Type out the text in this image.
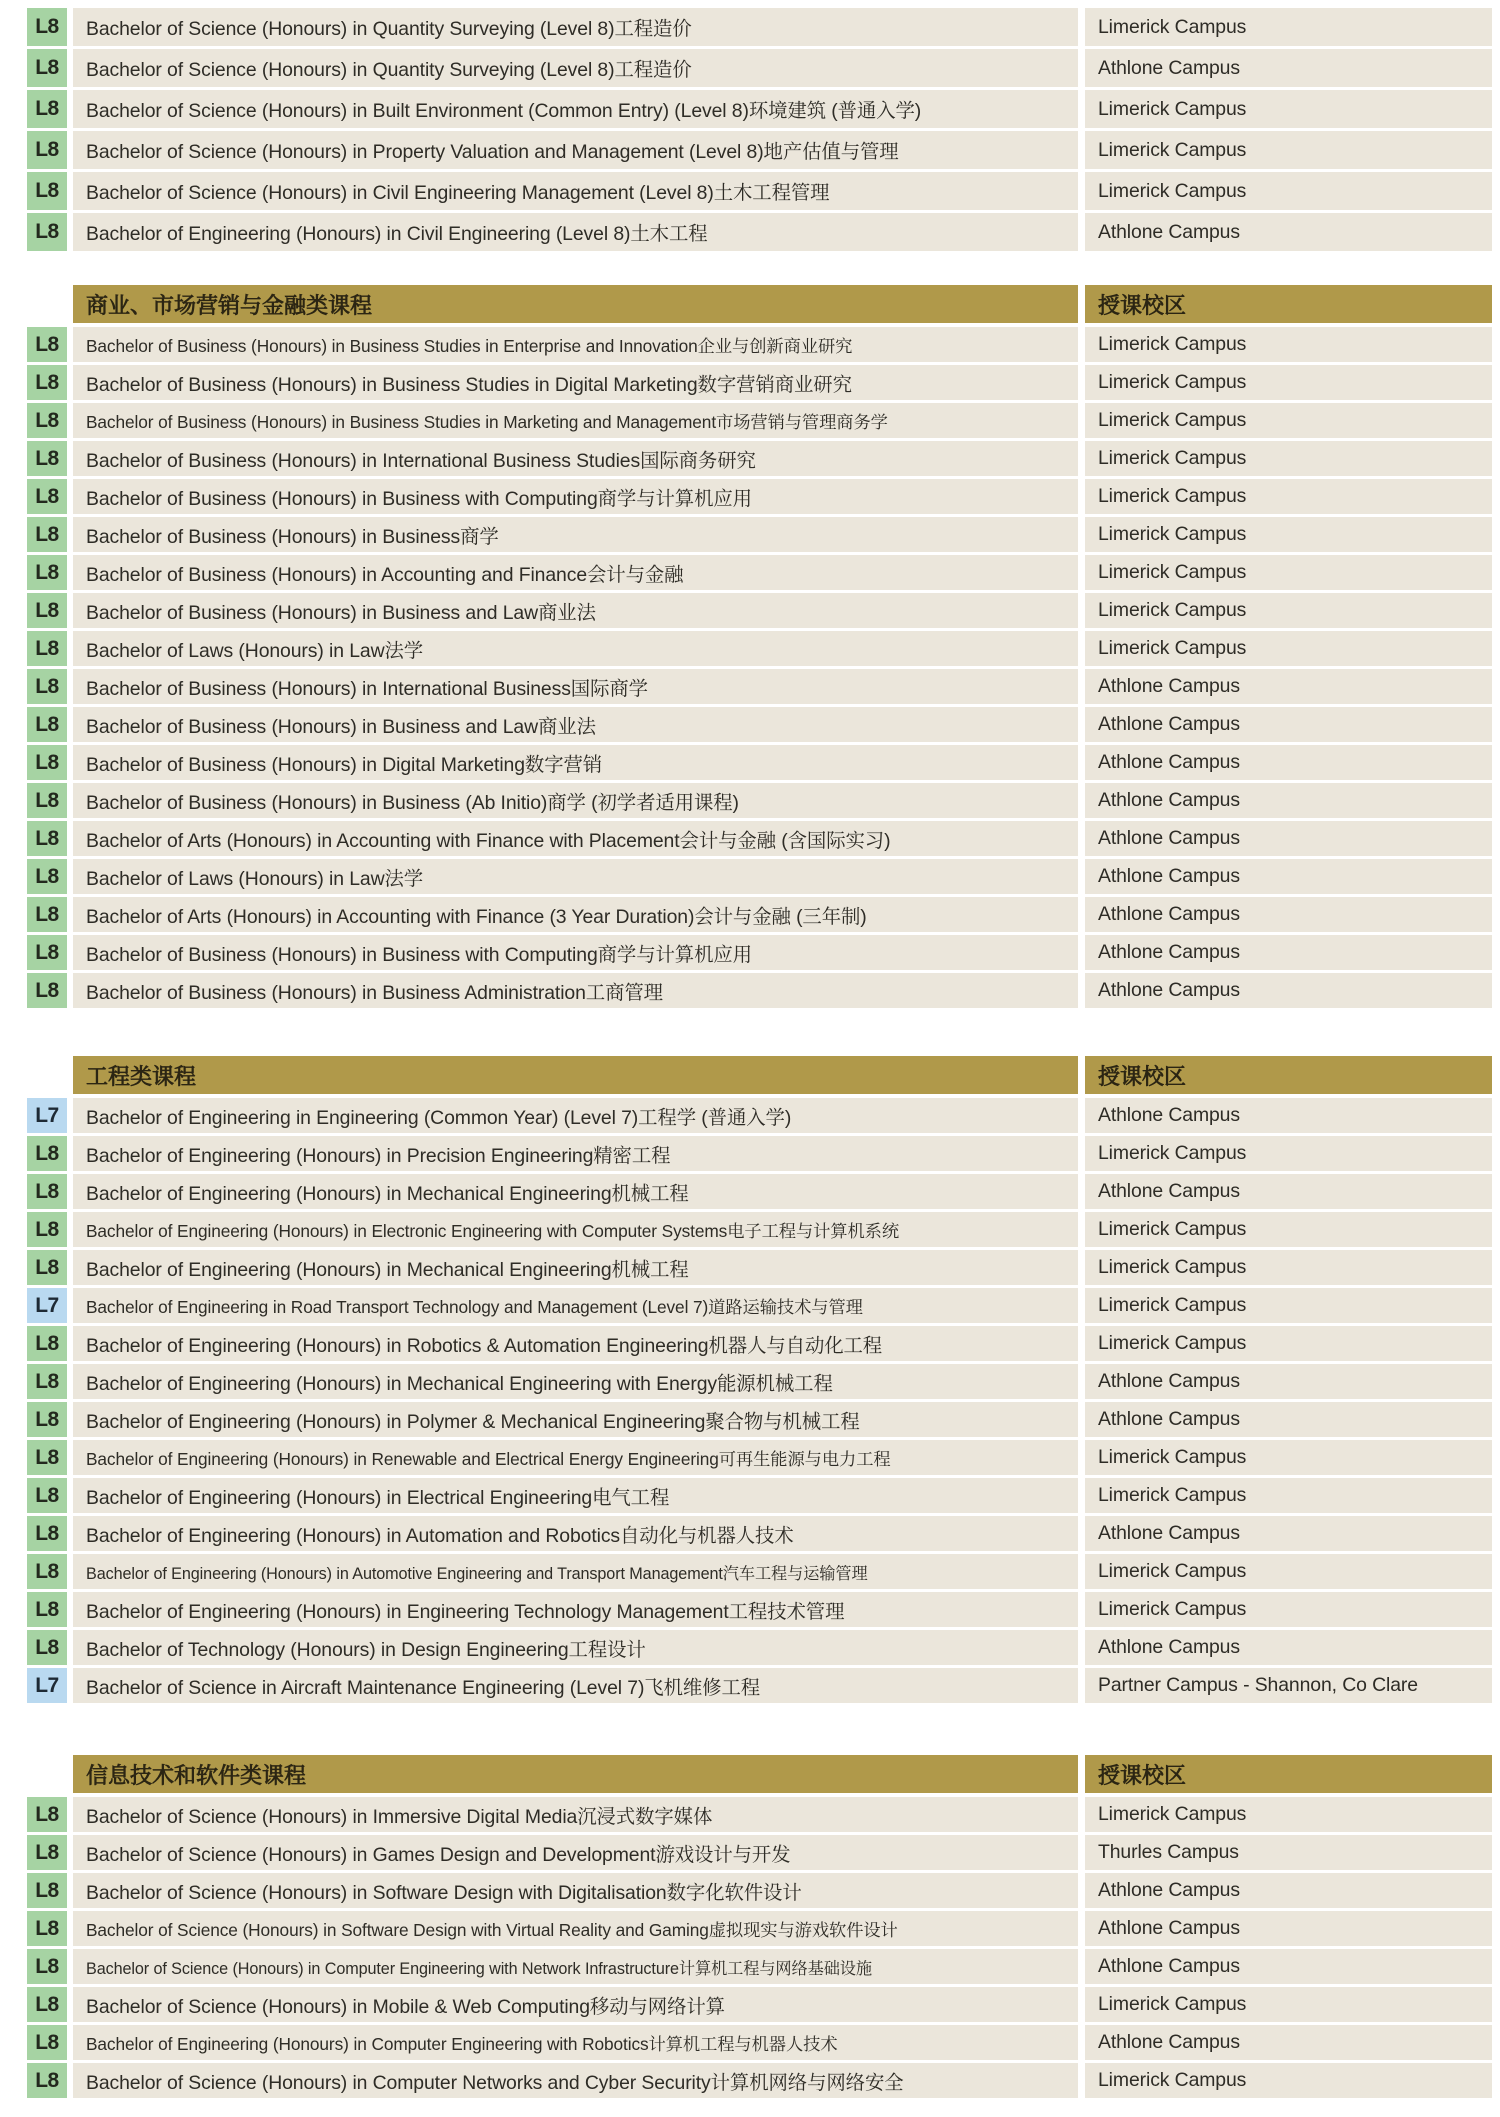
L8	Bachelor of Science (Honours) in Quantity Surveying (Level 8)工程造价	Limerick Campus
L8	Bachelor of Science (Honours) in Quantity Surveying (Level 8)工程造价	Athlone Campus
L8	Bachelor of Science (Honours) in Built Environment (Common Entry) (Level 8)环境建筑 (普通入学)	Limerick Campus
L8	Bachelor of Science (Honours) in Property Valuation and Management (Level 8)地产估值与管理	Limerick Campus
L8	Bachelor of Science (Honours) in Civil Engineering Management (Level 8)土木工程管理	Limerick Campus
L8	Bachelor of Engineering (Honours) in Civil Engineering (Level 8)土木工程	Athlone Campus
商业、市场营销与金融类课程	授课校区
L8	Bachelor of Business (Honours) in Business Studies in Enterprise and Innovation企业与创新商业研究	Limerick Campus
L8	Bachelor of Business (Honours) in Business Studies in Digital Marketing数字营销商业研究	Limerick Campus
L8	Bachelor of Business (Honours) in Business Studies in Marketing and Management市场营销与管理商务学	Limerick Campus
L8	Bachelor of Business (Honours) in International Business Studies国际商务研究	Limerick Campus
L8	Bachelor of Business (Honours) in Business with Computing商学与计算机应用	Limerick Campus
L8	Bachelor of Business (Honours) in Business商学	Limerick Campus
L8	Bachelor of Business (Honours) in Accounting and Finance会计与金融	Limerick Campus
L8	Bachelor of Business (Honours) in Business and Law商业法	Limerick Campus
L8	Bachelor of Laws (Honours) in Law法学	Limerick Campus
L8	Bachelor of Business (Honours) in International Business国际商学	Athlone Campus
L8	Bachelor of Business (Honours) in Business and Law商业法	Athlone Campus
L8	Bachelor of Business (Honours) in Digital Marketing数字营销	Athlone Campus
L8	Bachelor of Business (Honours) in Business (Ab Initio)商学 (初学者适用课程)	Athlone Campus
L8	Bachelor of Arts (Honours) in Accounting with Finance with Placement会计与金融 (含国际实习)	Athlone Campus
L8	Bachelor of Laws (Honours) in Law法学	Athlone Campus
L8	Bachelor of Arts (Honours) in Accounting with Finance (3 Year Duration)会计与金融 (三年制)	Athlone Campus
L8	Bachelor of Business (Honours) in Business with Computing商学与计算机应用	Athlone Campus
L8	Bachelor of Business (Honours) in Business Administration工商管理	Athlone Campus
工程类课程	授课校区
L7	Bachelor of Engineering in Engineering (Common Year) (Level 7)工程学 (普通入学)	Athlone Campus
L8	Bachelor of Engineering (Honours) in Precision Engineering精密工程	Limerick Campus
L8	Bachelor of Engineering (Honours) in Mechanical Engineering机械工程	Athlone Campus
L8	Bachelor of Engineering (Honours) in Electronic Engineering with Computer Systems电子工程与计算机系统	Limerick Campus
L8	Bachelor of Engineering (Honours) in Mechanical Engineering机械工程	Limerick Campus
L7	Bachelor of Engineering in Road Transport Technology and Management (Level 7)道路运输技术与管理	Limerick Campus
L8	Bachelor of Engineering (Honours) in Robotics & Automation Engineering机器人与自动化工程	Limerick Campus
L8	Bachelor of Engineering (Honours) in Mechanical Engineering with Energy能源机械工程	Athlone Campus
L8	Bachelor of Engineering (Honours) in Polymer & Mechanical Engineering聚合物与机械工程	Athlone Campus
L8	Bachelor of Engineering (Honours) in Renewable and Electrical Energy Engineering可再生能源与电力工程	Limerick Campus
L8	Bachelor of Engineering (Honours) in Electrical Engineering电气工程	Limerick Campus
L8	Bachelor of Engineering (Honours) in Automation and Robotics自动化与机器人技术	Athlone Campus
L8	Bachelor of Engineering (Honours) in Automotive Engineering and Transport Management汽车工程与运输管理	Limerick Campus
L8	Bachelor of Engineering (Honours) in Engineering Technology Management工程技术管理	Limerick Campus
L8	Bachelor of Technology (Honours) in Design Engineering工程设计	Athlone Campus
L7	Bachelor of Science in Aircraft Maintenance Engineering (Level 7)飞机维修工程	Partner Campus - Shannon, Co Clare
信息技术和软件类课程	授课校区
L8	Bachelor of Science (Honours) in Immersive Digital Media沉浸式数字媒体	Limerick Campus
L8	Bachelor of Science (Honours) in Games Design and Development游戏设计与开发	Thurles Campus
L8	Bachelor of Science (Honours) in Software Design with Digitalisation数字化软件设计	Athlone Campus
L8	Bachelor of Science (Honours) in Software Design with Virtual Reality and Gaming虚拟现实与游戏软件设计	Athlone Campus
L8	Bachelor of Science (Honours) in Computer Engineering with Network Infrastructure计算机工程与网络基础设施	Athlone Campus
L8	Bachelor of Science (Honours) in Mobile & Web Computing移动与网络计算	Limerick Campus
L8	Bachelor of Engineering (Honours) in Computer Engineering with Robotics计算机工程与机器人技术	Athlone Campus
L8	Bachelor of Science (Honours) in Computer Networks and Cyber Security计算机网络与网络安全	Limerick Campus
